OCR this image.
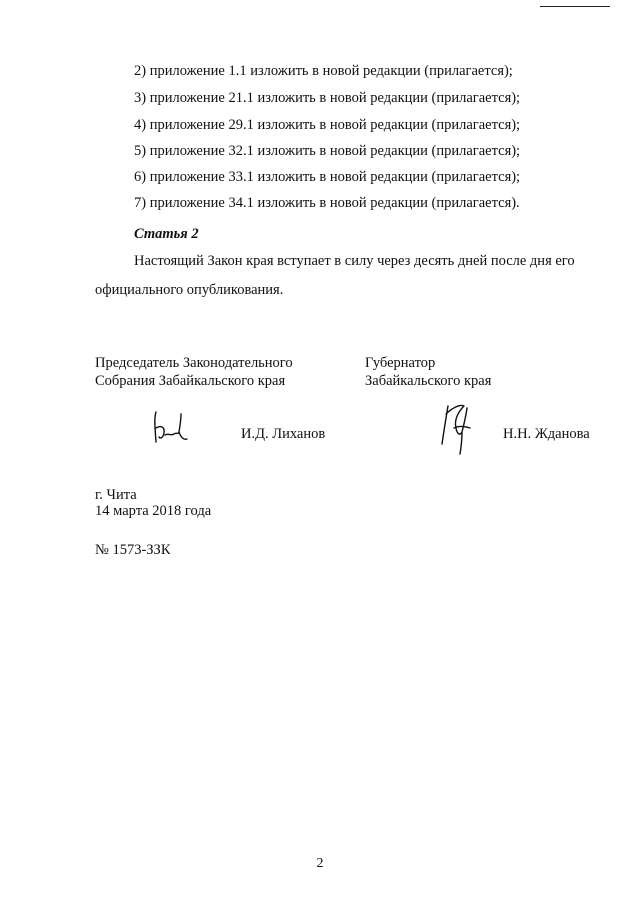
2) приложение 1.1 изложить в новой редакции (прилагается);
3) приложение 21.1 изложить в новой редакции (прилагается);
4) приложение 29.1 изложить в новой редакции (прилагается);
5) приложение 32.1 изложить в новой редакции (прилагается);
6) приложение 33.1 изложить в новой редакции (прилагается);
7) приложение 34.1 изложить в новой редакции (прилагается).
Статья 2
Настоящий Закон края вступает в силу через десять дней после дня его
официального опубликования.
Председатель Законодательного
Собрания Забайкальского края
И.Д. Лиханов
Губернатор
Забайкальского края
Н.Н. Жданова
г. Чита
14 марта 2018 года
№ 1573-ЗЗК
2
